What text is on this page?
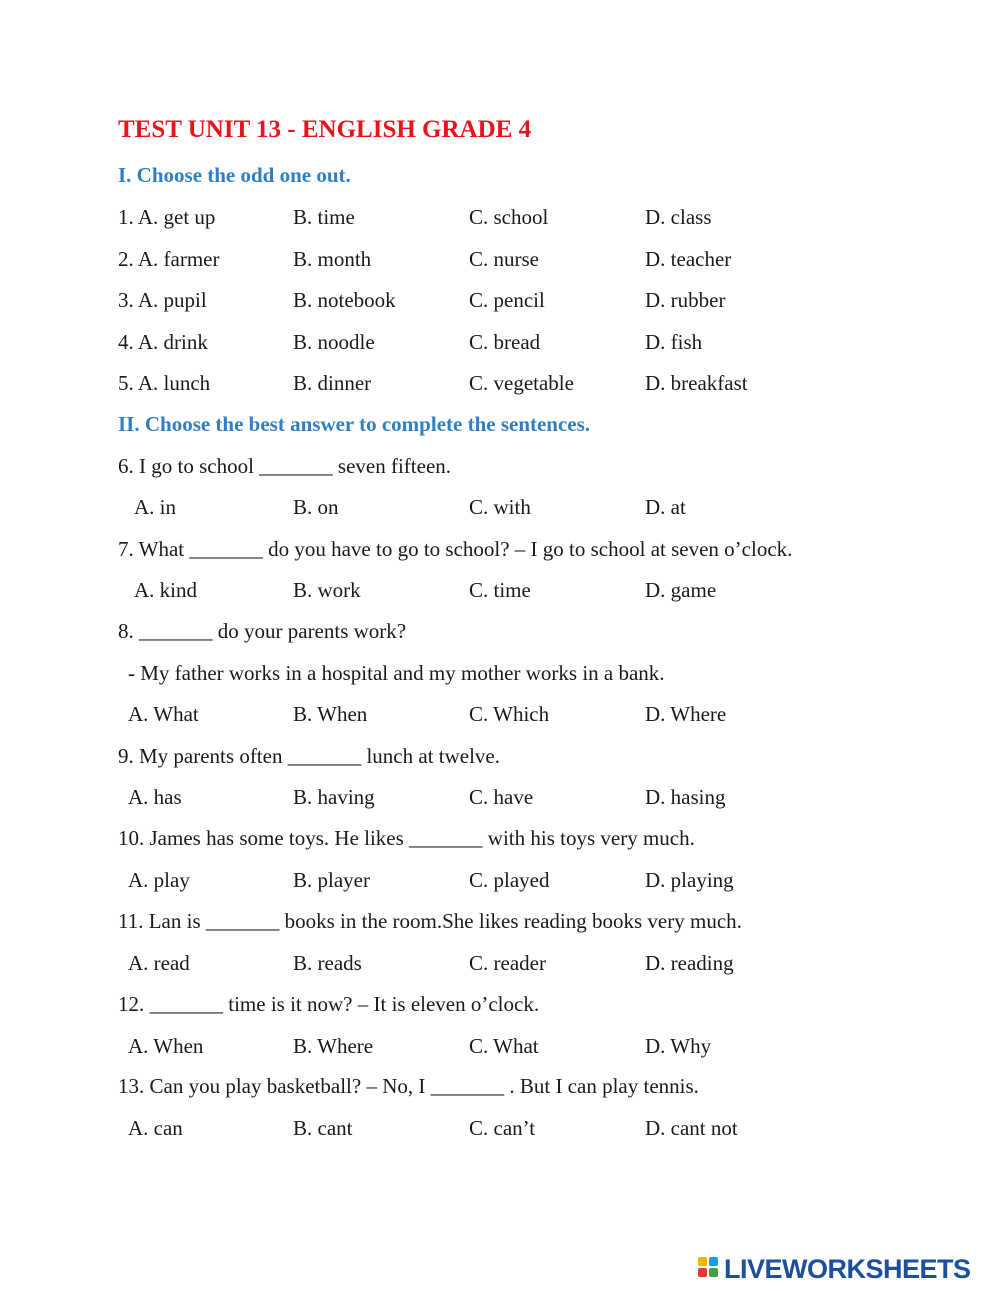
TEST UNIT 13 - ENGLISH GRADE 4
I. Choose the odd one out.
1. A. get up	B. time	C. school	D. class
2. A. farmer	B. month	C. nurse	D. teacher
3. A. pupil	B. notebook	C. pencil	D. rubber
4. A. drink	B. noodle	C. bread	D. fish
5. A. lunch	B. dinner	C. vegetable	D. breakfast
II. Choose the best answer to complete the sentences.
6. I go to school _______ seven fifteen.
A. in	B. on	C. with	D. at
7. What _______ do you have to go to school? – I go to school at seven o’clock.
A. kind	B. work	C. time	D. game
8. _______ do your parents work?
- My father works in a hospital and my mother works in a bank.
A. What	B. When	C. Which	D. Where
9. My parents often _______ lunch at twelve.
A. has	B. having	C. have	D. hasing
10. James has some toys. He likes _______ with his toys very much.
A. play	B. player	C. played	D. playing
11. Lan is _______ books in the room.She likes reading books very much.
A. read	B. reads	C. reader	D. reading
12. _______ time is it now? – It is eleven o’clock.
A. When	B. Where	C. What	D. Why
13. Can you play basketball? – No, I _______ . But I can play tennis.
A. can	B. cant	C. can’t	D. cant not
LIVEWORKSHEETS
